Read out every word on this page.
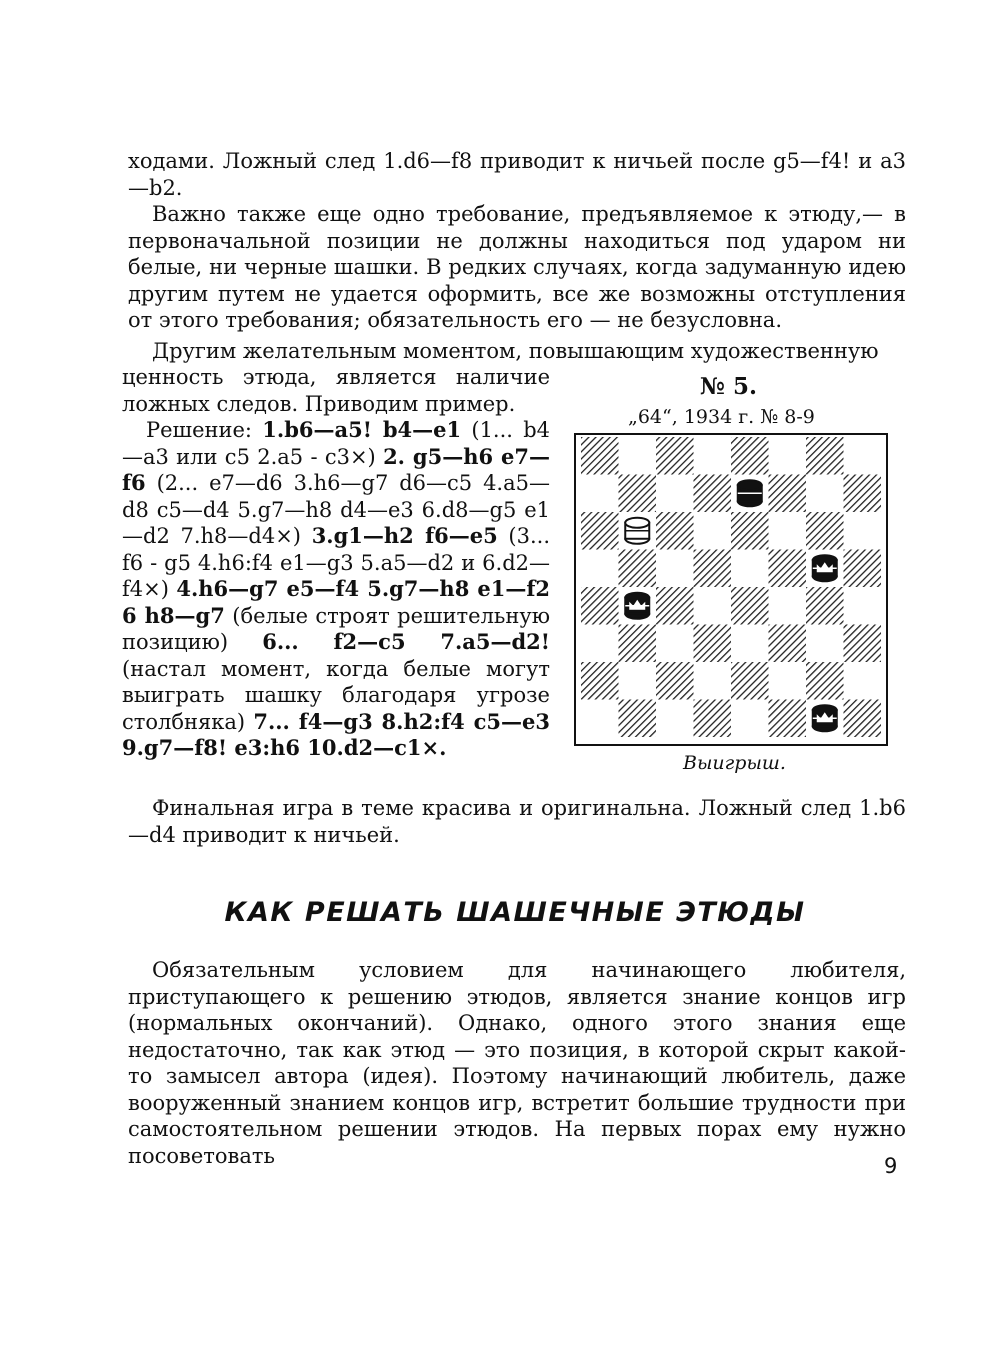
ходами. Ложный след 1.d6—f8 приводит к ничьей после g5—f4! и a3—b2.
Важно также еще одно требование, предъявляемое к этюду,— в первоначальной позиции не должны находиться под ударом ни белые, ни черные шашки. В редких случаях, когда задуманную идею другим путем не удается оформить, все же возможны отступления от этого требования; обязательность его — не безусловна.
Другим желательным моментом, повышающим художественную
ценность этюда, является наличие ложных следов. Приводим пример.
Решение: 1.b6—a5! b4—e1 (1... b4—a3 или c5 2.a5 - c3×) 2. g5—h6 e7—f6 (2... e7—d6 3.h6—g7 d6—c5 4.a5—d8 c5—d4 5.g7—h8 d4—e3 6.d8—g5 e1—d2 7.h8—d4×) 3.g1—h2 f6—e5 (3... f6 - g5 4.h6:f4 e1—g3 5.a5—d2 и 6.d2—f4×) 4.h6—g7 e5—f4 5.g7—h8 e1—f2 6 h8—g7 (белые строят решительную позицию) 6... f2—c5 7.a5—d2! (настал момент, когда белые могут выиграть шашку благодаря угрозе столбняка) 7... f4—g3 8.h2:f4 c5—e3 9.g7—f8! e3:h6 10.d2—c1×.
№ 5.
„64“, 1934 г. № 8-9
Выигрыш.
Финальная игра в теме красива и оригинальна. Ложный след 1.b6—d4 приводит к ничьей.
КАК РЕШАТЬ ШАШЕЧНЫЕ ЭТЮДЫ
Обязательным условием для начинающего любителя, приступающего к решению этюдов, является знание концов игр (нормальных окончаний). Однако, одного этого знания еще недостаточно, так как этюд — это позиция, в которой скрыт какой-то замысел автора (идея). Поэтому начинающий любитель, даже вооруженный знанием концов игр, встретит большие трудности при самостоятельном решении этюдов. На первых порах ему нужно посоветовать	9
